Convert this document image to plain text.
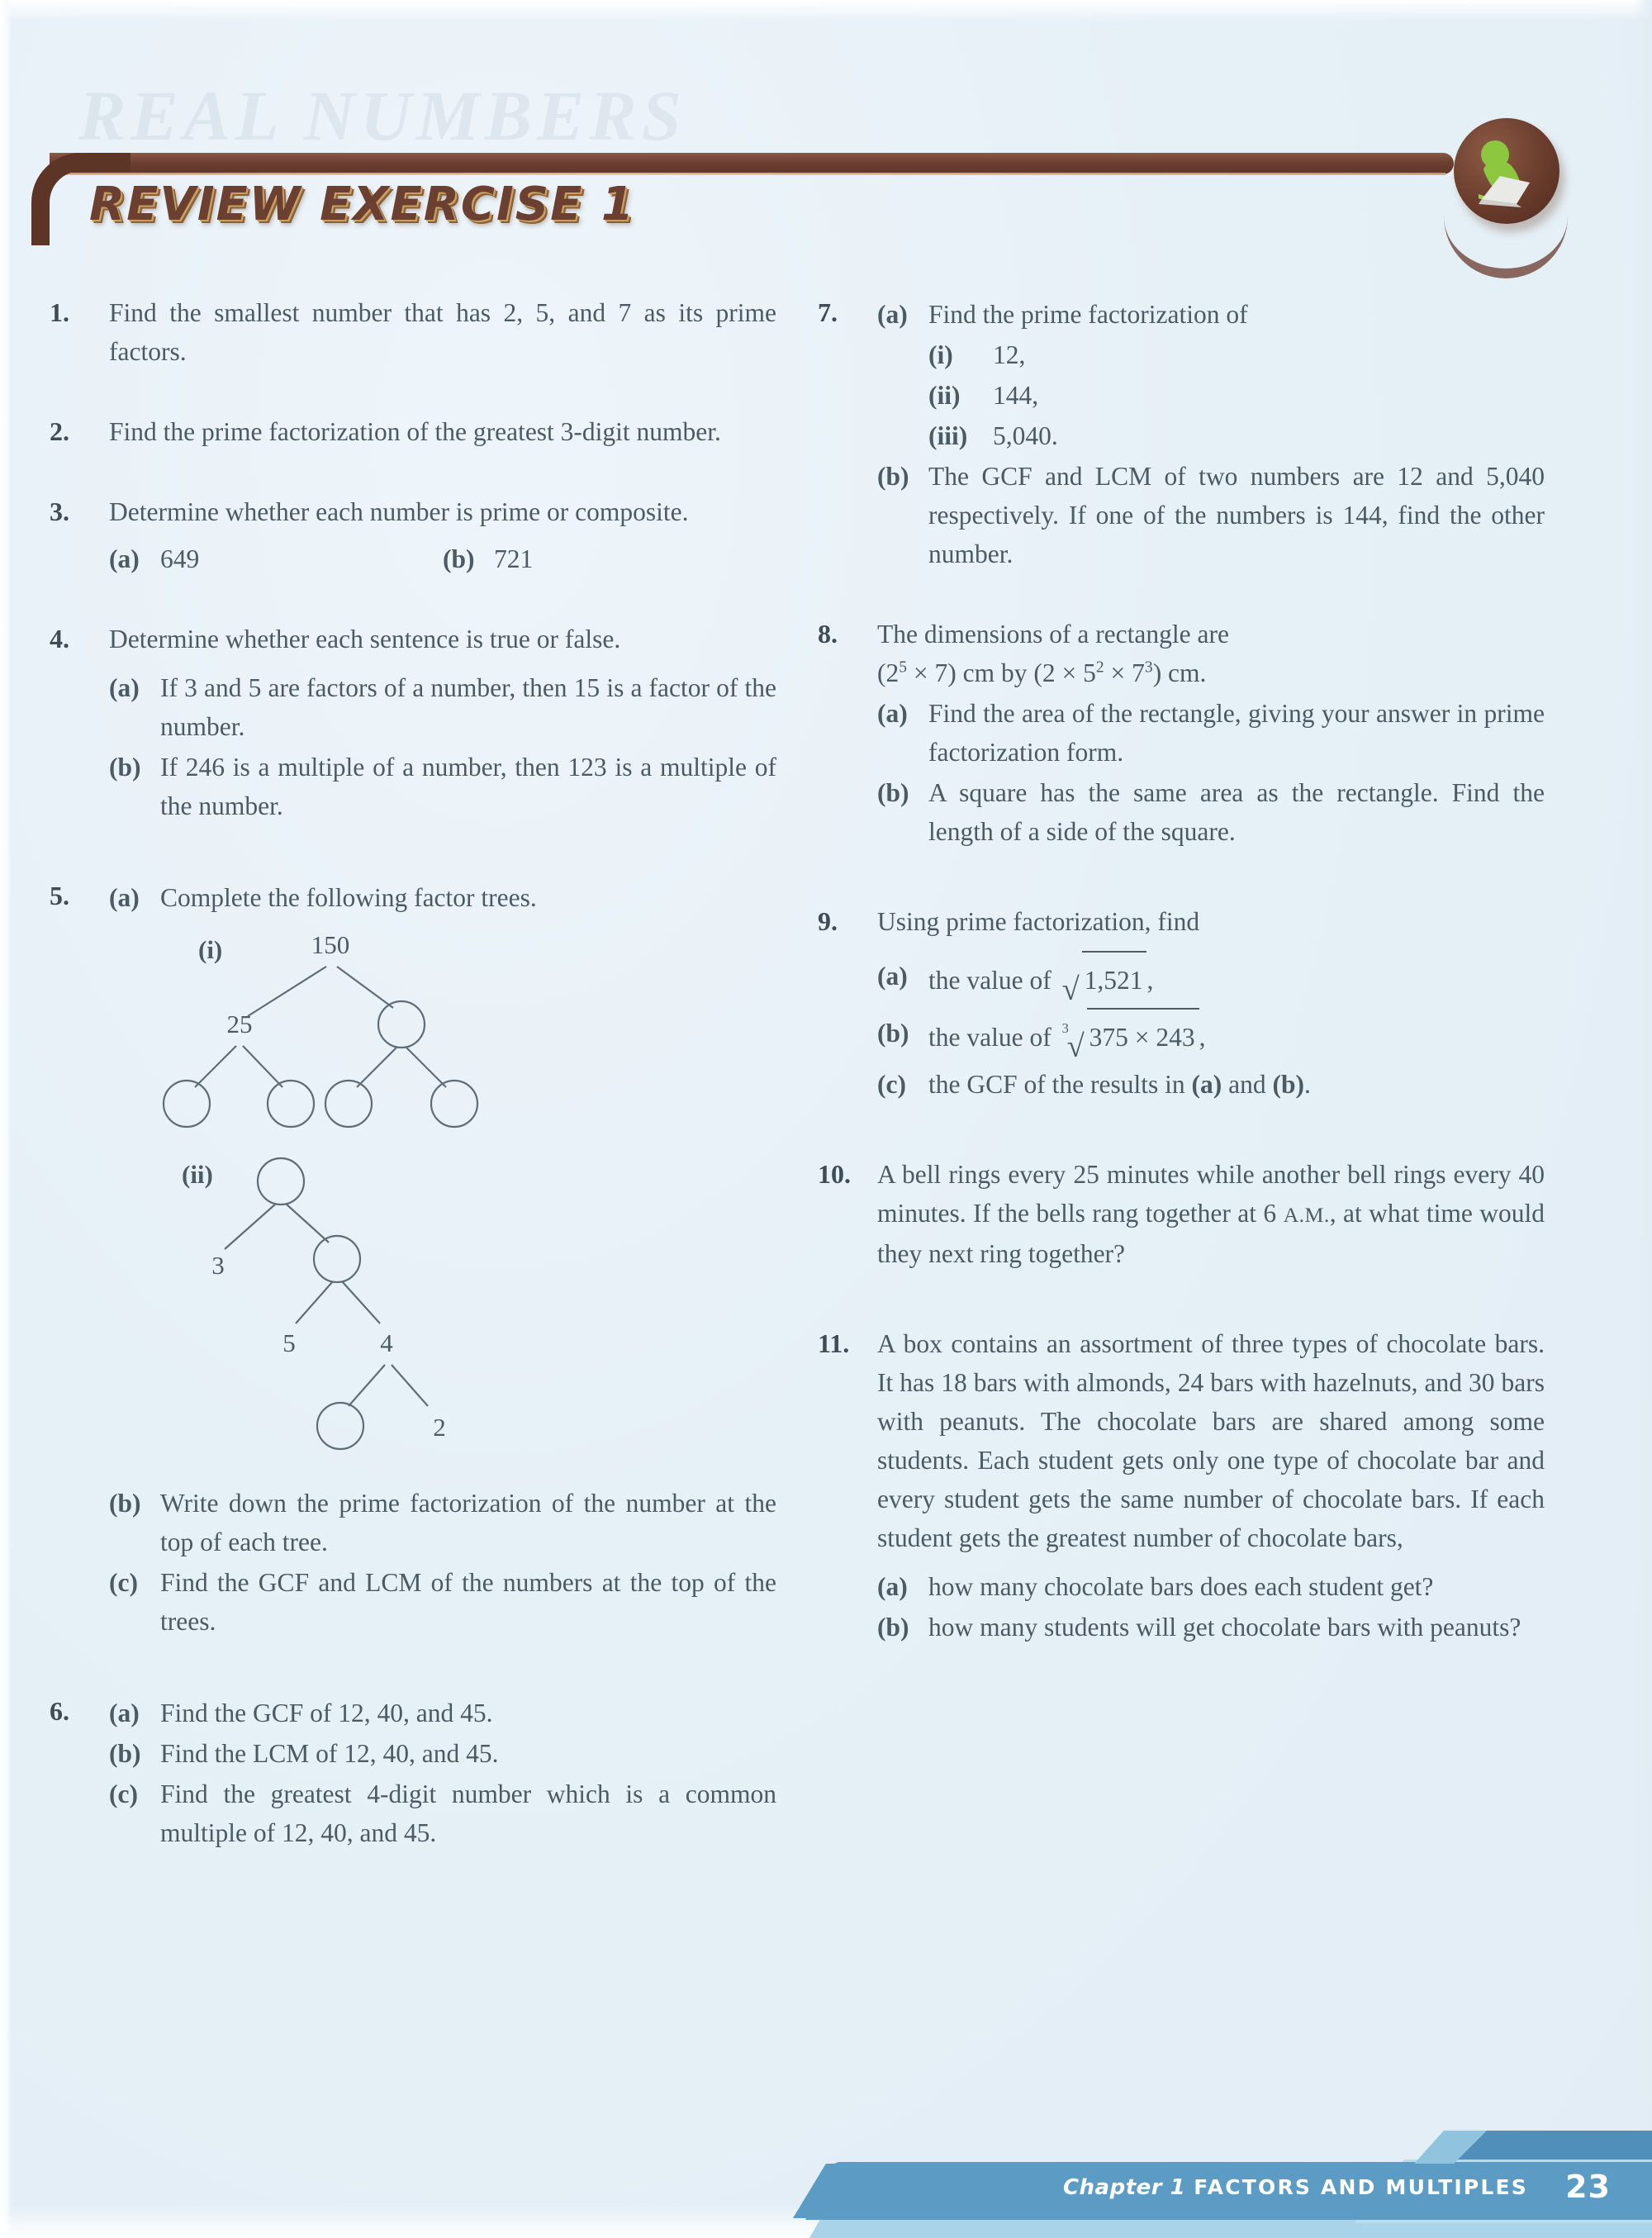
REAL NUMBERS
REVIEW EXERCISE 1
1.	Find the smallest number that has 2, 5, and 7 as its prime factors.
2.	Find the prime factorization of the greatest 3-digit number.
3.	Determine whether each number is prime or composite.
(a) 649	(b) 721
4.	Determine whether each sentence is true or false.
(a) If 3 and 5 are factors of a number, then 15 is a factor of the number.
(b) If 246 is a multiple of a number, then 123 is a multiple of the number.
5.	(a) Complete the following factor trees.
(i)	150
25
(ii)
3
5	4
2
(b) Write down the prime factorization of the number at the top of each tree.
(c) Find the GCF and LCM of the numbers at the top of the trees.
6.	(a) Find the GCF of 12, 40, and 45.
(b) Find the LCM of 12, 40, and 45.
(c) Find the greatest 4-digit number which is a common multiple of 12, 40, and 45.
7.	(a) Find the prime factorization of
(i)	12,
(ii)	144,
(iii) 5,040.
(b) The GCF and LCM of two numbers are 12 and 5,040 respectively. If one of the numbers is 144, find the other number.
8.	The dimensions of a rectangle are
$(2^5 \times 7)$ cm by $(2 \times 5^2 \times 7^3)$ cm.
(a) Find the area of the rectangle, giving your answer in prime factorization form.
(b) A square has the same area as the rectangle. Find the length of a side of the square.
9.	Using prime factorization, find
(a) the value of √ 1,521 ,
(b) the value of 3
√ 375 × 243 ,
(c) the GCF of the results in (a) and (b).
10.	A bell rings every 25 minutes while another bell rings every 40 minutes. If the bells rang together at 6 A.M., at what time would they next ring together?
11.	A box contains an assortment of three types of chocolate bars. It has 18 bars with almonds, 24 bars with hazelnuts, and 30 bars with peanuts. The chocolate bars are shared among some students. Each student gets only one type of chocolate bar and every student gets the same number of chocolate bars. If each student gets the greatest number of chocolate bars,
(a) how many chocolate bars does each student get?
(b) how many students will get chocolate bars with peanuts?
Chapter 1 FACTORS AND MULTIPLES 23
